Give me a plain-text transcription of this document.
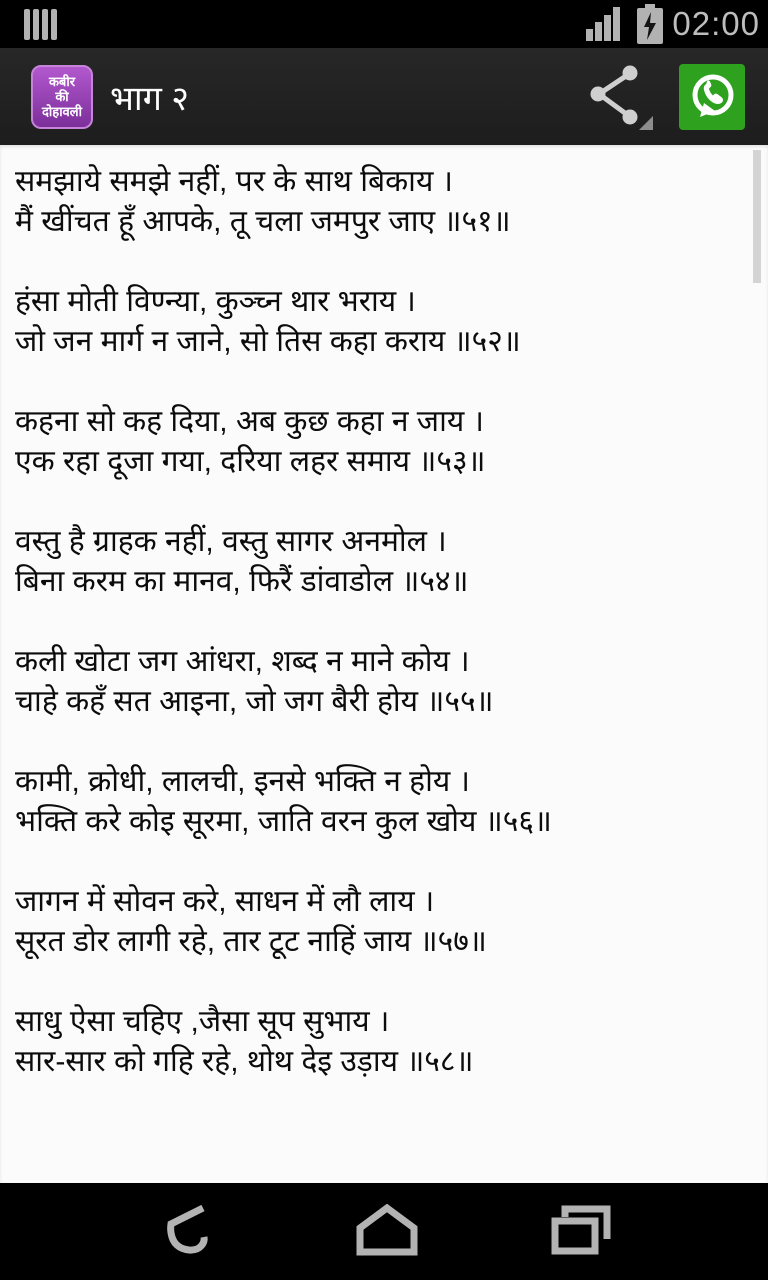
02:00
कबीर
की
दोहावली भाग २

समझाये समझे नहीं, पर के साथ बिकाय ।

मैं खींचत हूँ आपके, तू चला जमपुर जाए ॥५१॥

हंसा मोती विण्न्या, कुञ्च्न थार भराय ।

जो जन मार्ग न जाने, सो तिस कहा कराय ॥५२॥

कहना सो कह दिया, अब कुछ कहा न जाय ।

एक रहा दूजा गया, दरिया लहर समाय ॥५३॥

वस्तु है ग्राहक नहीं, वस्तु सागर अनमोल ।

बिना करम का मानव, फिरैं डांवाडोल ॥५४॥

कली खोटा जग आंधरा, शब्द न माने कोय ।

चाहे कहँ सत आइना, जो जग बैरी होय ॥५५॥

कामी, क्रोधी, लालची, इनसे भक्ति न होय ।

भक्ति करे कोइ सूरमा, जाति वरन कुल खोय ॥५६॥

जागन में सोवन करे, साधन में लौ लाय ।

सूरत डोर लागी रहे, तार टूट नाहिं जाय ॥५७॥

साधु ऐसा चहिए ,जैसा सूप सुभाय ।

सार-सार को गहि रहे, थोथ देइ उड़ाय ॥५८॥
